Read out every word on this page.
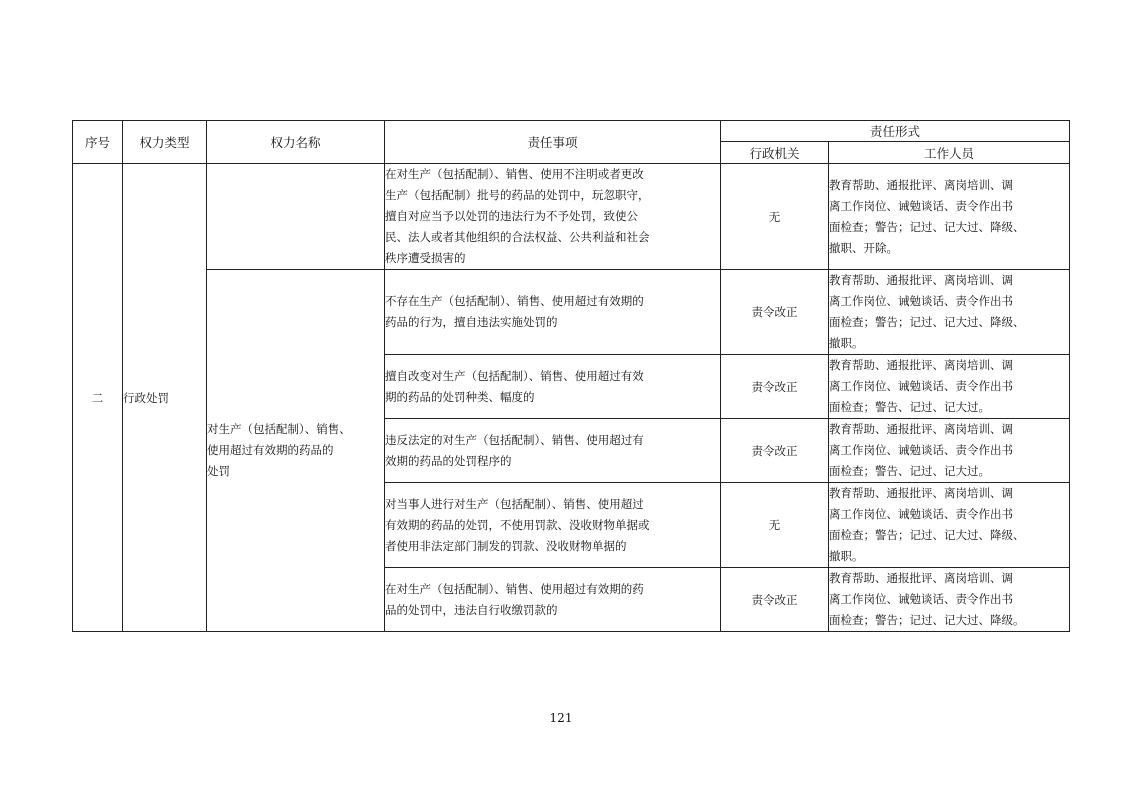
序号	权力类型	权力名称	责任事项	责任形式	
				行政机关	工作人员
二	行政处罚		在对生产（包括配制）、销售、使用不注明或者更改
生产（包括配制）批号的药品的处罚中，玩忽职守，
擅自对应当予以处罚的违法行为不予处罚，致使公
民、法人或者其他组织的合法权益、公共利益和社会
秩序遭受损害的	无	教育帮助、通报批评、离岗培训、调
离工作岗位、诫勉谈话、责令作出书
面检查；警告；记过、记大过、降级、
撤职、开除。
		对生产（包括配制）、销售、
使用超过有效期的药品的
处罚	不存在生产（包括配制）、销售、使用超过有效期的
药品的行为，擅自违法实施处罚的	责令改正	教育帮助、通报批评、离岗培训、调
离工作岗位、诫勉谈话、责令作出书
面检查；警告；记过、记大过、降级、
撤职。
			擅自改变对生产（包括配制）、销售、使用超过有效
期的药品的处罚种类、幅度的	责令改正	教育帮助、通报批评、离岗培训、调
离工作岗位、诫勉谈话、责令作出书
面检查；警告、记过、记大过。
			违反法定的对生产（包括配制）、销售、使用超过有
效期的药品的处罚程序的	责令改正	教育帮助、通报批评、离岗培训、调
离工作岗位、诫勉谈话、责令作出书
面检查；警告、记过、记大过。
			对当事人进行对生产（包括配制）、销售、使用超过
有效期的药品的处罚，不使用罚款、没收财物单据或
者使用非法定部门制发的罚款、没收财物单据的	无	教育帮助、通报批评、离岗培训、调
离工作岗位、诫勉谈话、责令作出书
面检查；警告；记过、记大过、降级、
撤职。
			在对生产（包括配制）、销售、使用超过有效期的药
品的处罚中，违法自行收缴罚款的	责令改正	教育帮助、通报批评、离岗培训、调
离工作岗位、诫勉谈话、责令作出书
面检查；警告；记过、记大过、降级。
121
